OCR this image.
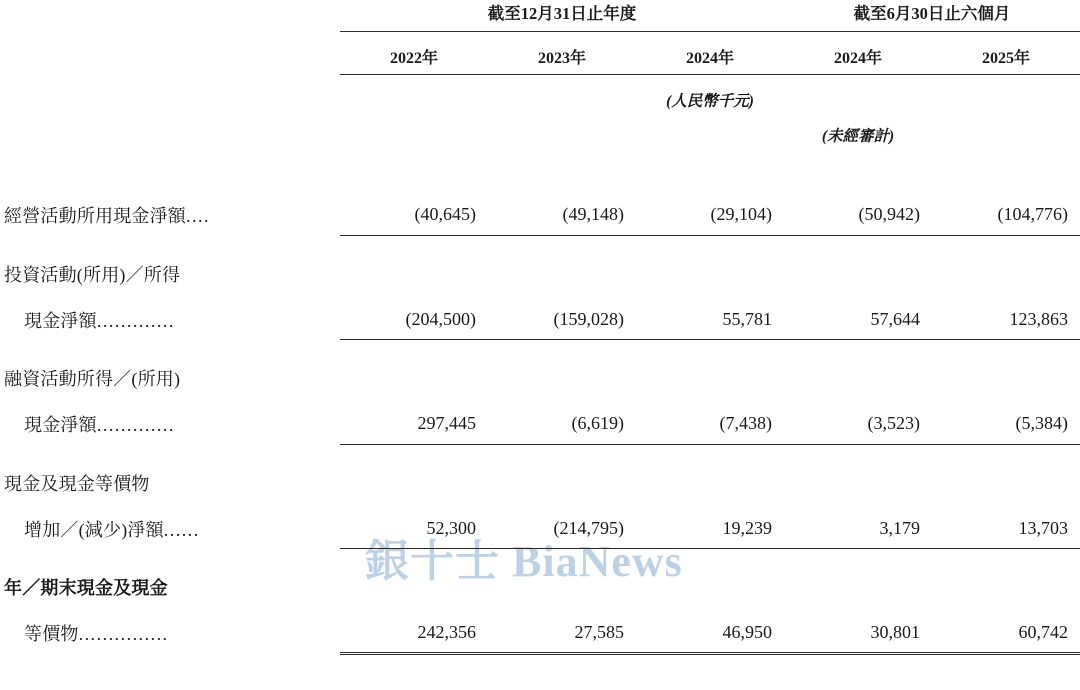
銀十士 BiaNews

	截至12月31日止年度			截至6月30日止六個月	

	2022年	2023年	2024年	2024年	2025年

			(人民幣千元)		
				(未經審計)	

經營活動所用現金淨額....	(40,645)	(49,148)	(29,104)	(50,942)	(104,776)

投資活動(所用)／所得					

現金淨額.............	(204,500)	(159,028)	55,781	57,644	123,863

融資活動所得／(所用)					

現金淨額.............	297,445	(6,619)	(7,438)	(3,523)	(5,384)

現金及現金等價物					

增加／(減少)淨額......	52,300	(214,795)	19,239	3,179	13,703

年／期末現金及現金					

等價物...............	242,356	27,585	46,950	30,801	60,742
